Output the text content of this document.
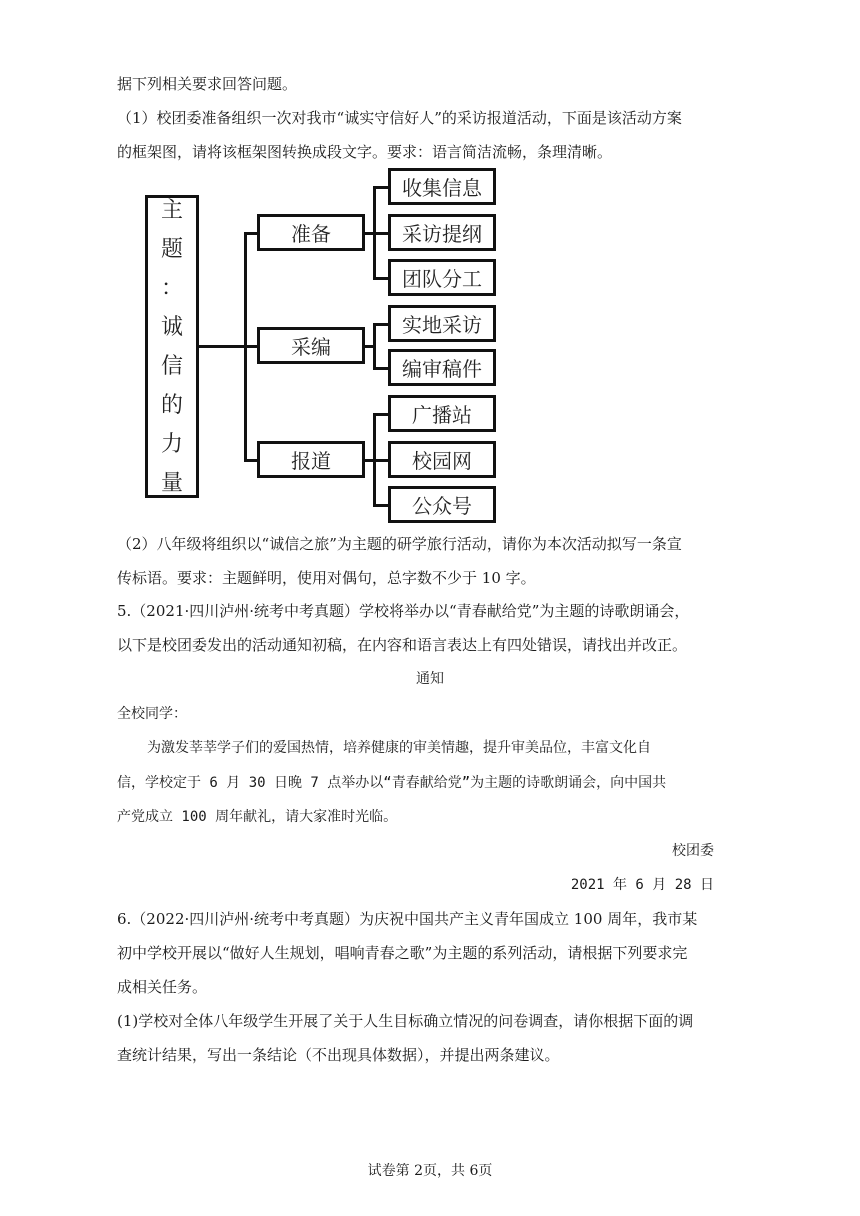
据下列相关要求回答问题。
（1）校团委准备组织一次对我市“诚实守信好人”的采访报道活动，下面是该活动方案
的框架图，请将该框架图转换成段文字。要求：语言简洁流畅，条理清晰。
主
题
：
诚
信
的
力
量
准备
采编
报道
收集信息
采访提纲
团队分工
实地采访
编审稿件
广播站
校园网
公众号
（2）八年级将组织以“诚信之旅”为主题的研学旅行活动，请你为本次活动拟写一条宣
传标语。要求：主题鲜明，使用对偶句，总字数不少于 10 字。
5.（2021·四川泸州·统考中考真题）学校将举办以“青春献给党”为主题的诗歌朗诵会，
以下是校团委发出的活动通知初稿，在内容和语言表达上有四处错误，请找出并改正。
通知
全校同学：
为激发莘莘学子们的爱国热情，培养健康的审美情趣，提升审美品位，丰富文化自
信，学校定于 6 月 30 日晚 7 点举办以“青春献给党”为主题的诗歌朗诵会，向中国共
产党成立 100 周年献礼，请大家准时光临。
校团委
2021 年 6 月 28 日
6.（2022·四川泸州·统考中考真题）为庆祝中国共产主义青年国成立 100 周年，我市某
初中学校开展以“做好人生规划，唱响青春之歌”为主题的系列活动，请根据下列要求完
成相关任务。
(1)学校对全体八年级学生开展了关于人生目标确立情况的问卷调查，请你根据下面的调
查统计结果，写出一条结论（不出现具体数据），并提出两条建议。
试卷第 2页，共 6页
